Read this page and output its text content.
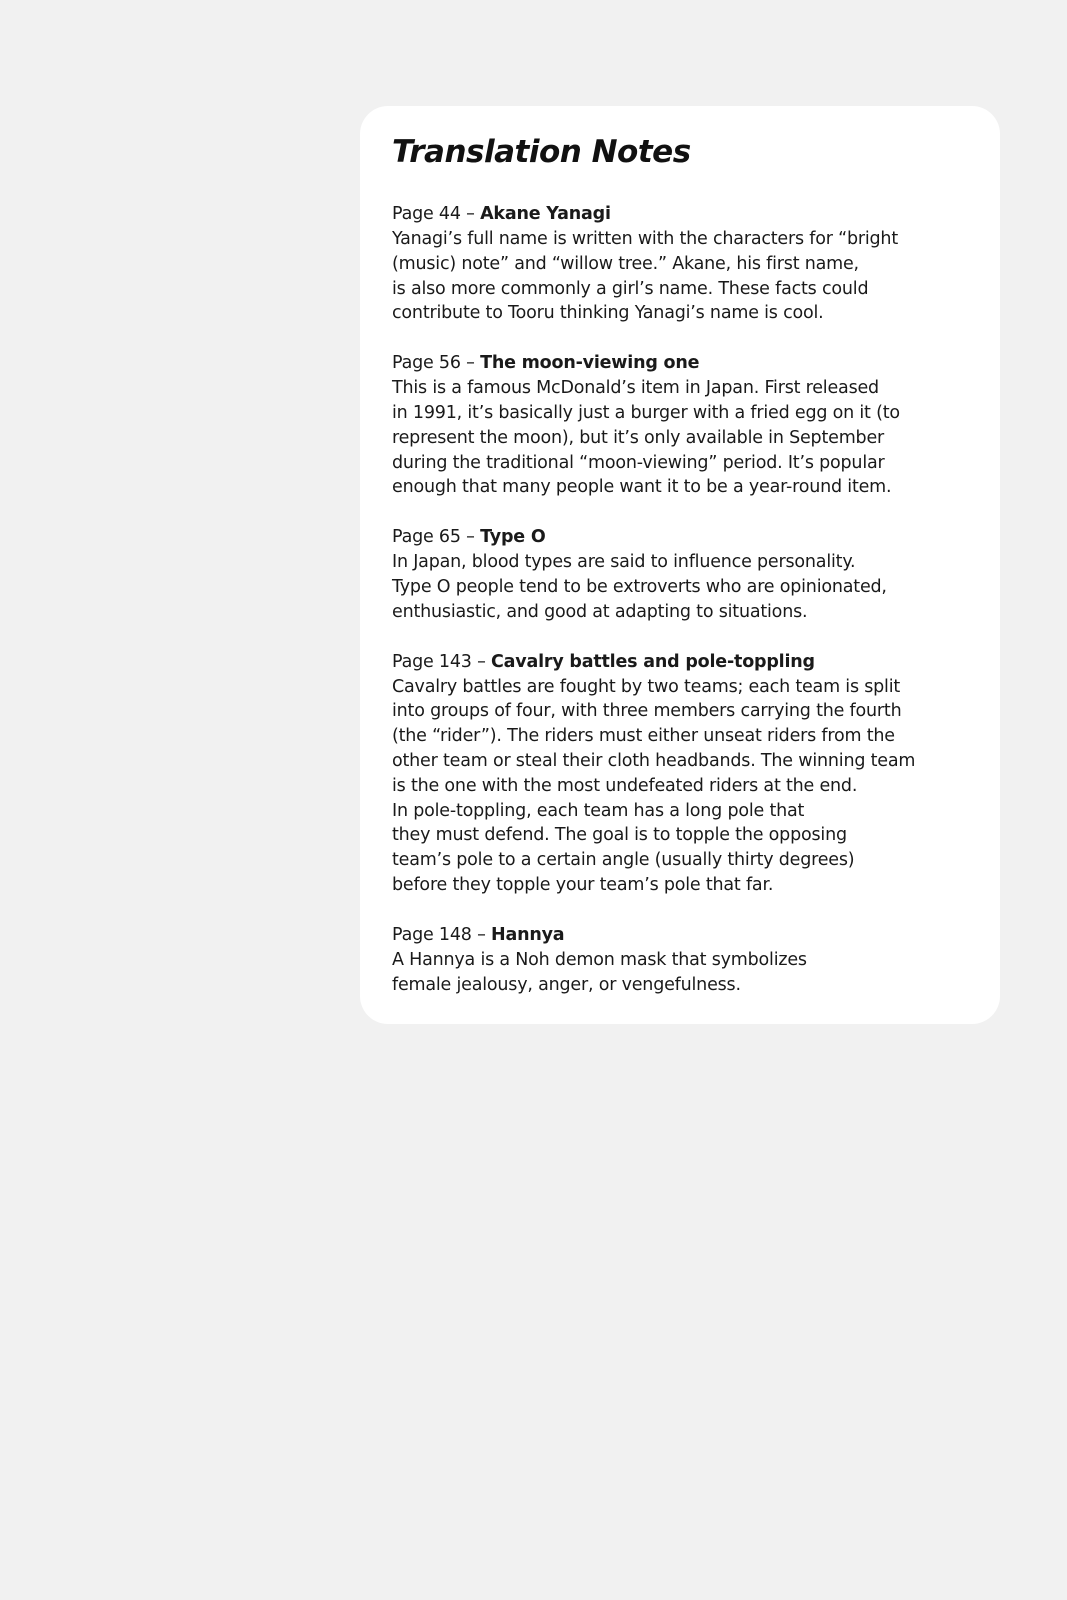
Translation Notes
Page 44 – Akane Yanagi
Yanagi’s full name is written with the characters for “bright
(music) note” and “willow tree.” Akane, his first name,
is also more commonly a girl’s name. These facts could
contribute to Tooru thinking Yanagi’s name is cool.
Page 56 – The moon-viewing one
This is a famous McDonald’s item in Japan. First released
in 1991, it’s basically just a burger with a fried egg on it (to
represent the moon), but it’s only available in September
during the traditional “moon-viewing” period. It’s popular
enough that many people want it to be a year-round item.
Page 65 – Type O
In Japan, blood types are said to influence personality.
Type O people tend to be extroverts who are opinionated,
enthusiastic, and good at adapting to situations.
Page 143 – Cavalry battles and pole-toppling
Cavalry battles are fought by two teams; each team is split
into groups of four, with three members carrying the fourth
(the “rider”). The riders must either unseat riders from the
other team or steal their cloth headbands. The winning team
is the one with the most undefeated riders at the end.
In pole-toppling, each team has a long pole that
they must defend. The goal is to topple the opposing
team’s pole to a certain angle (usually thirty degrees)
before they topple your team’s pole that far.
Page 148 – Hannya
A Hannya is a Noh demon mask that symbolizes
female jealousy, anger, or vengefulness.
